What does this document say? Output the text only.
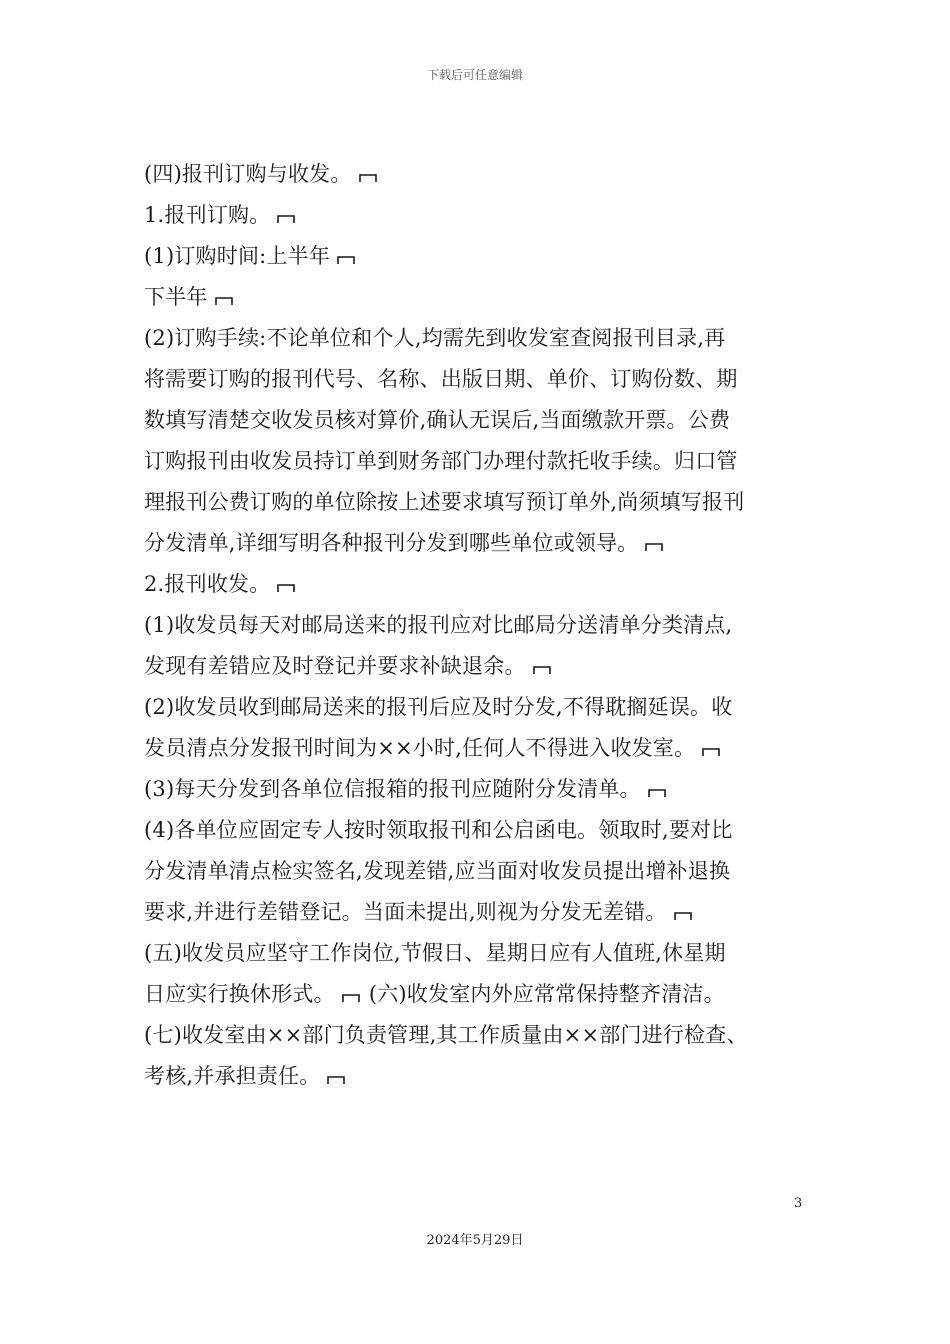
下载后可任意编辑
(四)报刊订购与收发。
1.报刊订购。
(1)订购时间:上半年
下半年
(2)订购手续:不论单位和个人,均需先到收发室查阅报刊目录,再
将需要订购的报刊代号、名称、出版日期、单价、订购份数、期
数填写清楚交收发员核对算价,确认无误后,当面缴款开票。公费
订购报刊由收发员持订单到财务部门办理付款托收手续。归口管
理报刊公费订购的单位除按上述要求填写预订单外,尚须填写报刊
分发清单,详细写明各种报刊分发到哪些单位或领导。
2.报刊收发。
(1)收发员每天对邮局送来的报刊应对比邮局分送清单分类清点,
发现有差错应及时登记并要求补缺退余。
(2)收发员收到邮局送来的报刊后应及时分发,不得耽搁延误。收
发员清点分发报刊时间为××小时,任何人不得进入收发室。
(3)每天分发到各单位信报箱的报刊应随附分发清单。
(4)各单位应固定专人按时领取报刊和公启函电。领取时,要对比
分发清单清点检实签名,发现差错,应当面对收发员提出增补退换
要求,并进行差错登记。当面未提出,则视为分发无差错。
(五)收发员应坚守工作岗位,节假日、星期日应有人值班,休星期
日应实行换休形式。 (六)收发室内外应常常保持整齐清洁。
(七)收发室由××部门负责管理,其工作质量由××部门进行检查、
考核,并承担责任。
3
2024年5月29日
